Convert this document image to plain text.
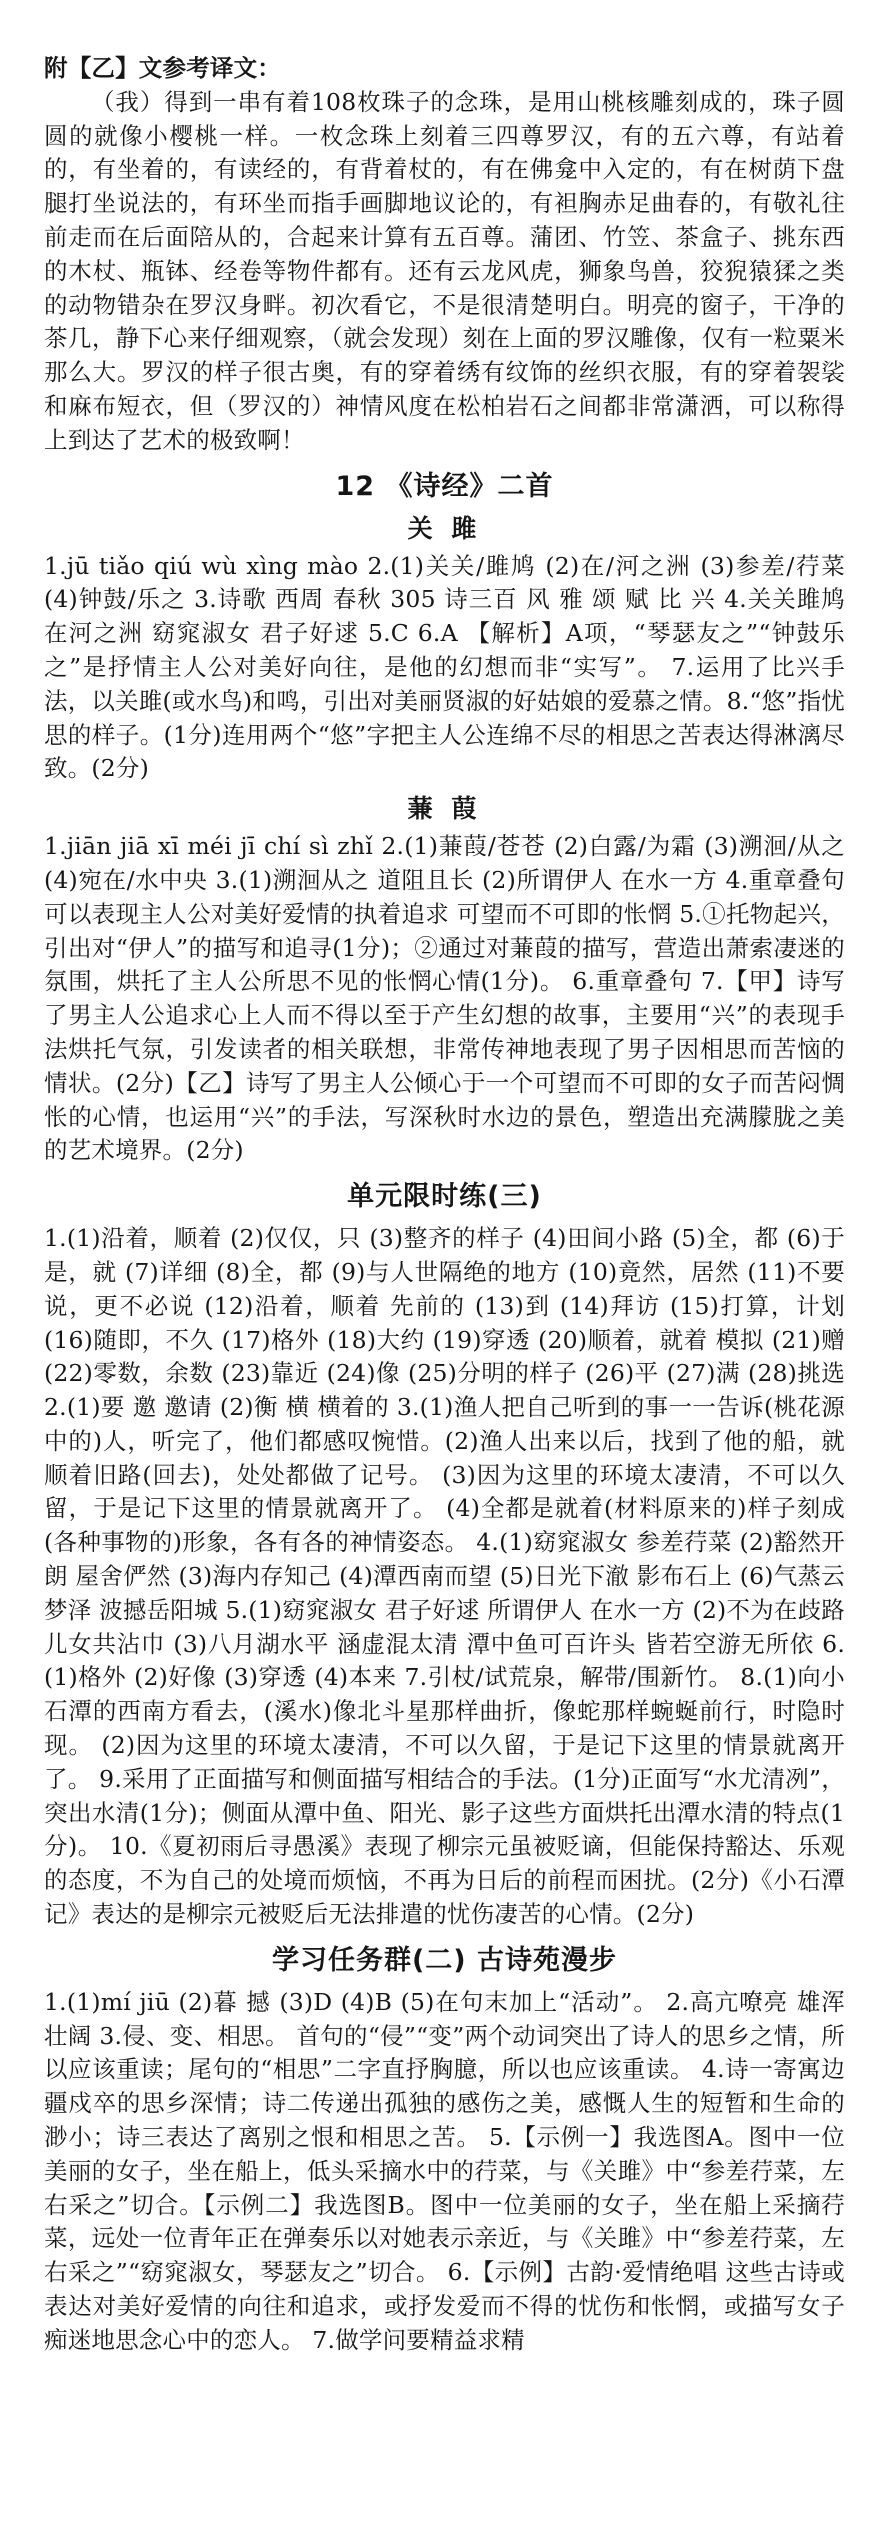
附【乙】文参考译文：

（我）得到一串有着108枚珠子的念珠，是用山桃核雕刻成的，珠子圆圆的就像小樱桃一样。一枚念珠上刻着三四尊罗汉，有的五六尊，有站着的，有坐着的，有读经的，有背着杖的，有在佛龛中入定的，有在树荫下盘腿打坐说法的，有环坐而指手画脚地议论的，有袒胸赤足曲春的，有敬礼往前走而在后面陪从的，合起来计算有五百尊。蒲团、竹笠、茶盒子、挑东西的木杖、瓶钵、经卷等物件都有。还有云龙风虎，狮象鸟兽，狡猊猿猱之类的动物错杂在罗汉身畔。初次看它，不是很清楚明白。明亮的窗子，干净的茶几，静下心来仔细观察，（就会发现）刻在上面的罗汉雕像，仅有一粒粟米那么大。罗汉的样子很古奥，有的穿着绣有纹饰的丝织衣服，有的穿着袈裟和麻布短衣，但（罗汉的）神情风度在松柏岩石之间都非常潇洒，可以称得上到达了艺术的极致啊！

12 《诗经》二首
关 雎

1.jū tiǎo qiú wù xìng mào 2.(1)关关/雎鸠 (2)在/河之洲 (3)参差/荇菜 (4)钟鼓/乐之 3.诗歌 西周 春秋 305 诗三百 风 雅 颂 赋 比 兴 4.关关雎鸠 在河之洲 窈窕淑女 君子好逑 5.C 6.A 【解析】A项，“琴瑟友之”“钟鼓乐之”是抒情主人公对美好向往，是他的幻想而非“实写”。 7.运用了比兴手法，以关雎(或水鸟)和鸣，引出对美丽贤淑的好姑娘的爱慕之情。8.“悠”指忧思的样子。(1分)连用两个“悠”字把主人公连绵不尽的相思之苦表达得淋漓尽致。(2分)

蒹 葭

1.jiān jiā xī méi jī chí sì zhǐ 2.(1)蒹葭/苍苍 (2)白露/为霜 (3)溯洄/从之 (4)宛在/水中央 3.(1)溯洄从之 道阻且长 (2)所谓伊人 在水一方 4.重章叠句 可以表现主人公对美好爱情的执着追求 可望而不可即的怅惘 5.①托物起兴，引出对“伊人”的描写和追寻(1分)；②通过对蒹葭的描写，营造出萧索凄迷的氛围，烘托了主人公所思不见的怅惘心情(1分)。 6.重章叠句 7.【甲】诗写了男主人公追求心上人而不得以至于产生幻想的故事，主要用“兴”的表现手法烘托气氛，引发读者的相关联想，非常传神地表现了男子因相思而苦恼的情状。(2分)【乙】诗写了男主人公倾心于一个可望而不可即的女子而苦闷惆怅的心情，也运用“兴”的手法，写深秋时水边的景色，塑造出充满朦胧之美的艺术境界。(2分)

单元限时练(三)

1.(1)沿着，顺着 (2)仅仅，只 (3)整齐的样子 (4)田间小路 (5)全，都 (6)于是，就 (7)详细 (8)全，都 (9)与人世隔绝的地方 (10)竟然，居然 (11)不要说，更不必说 (12)沿着，顺着 先前的 (13)到 (14)拜访 (15)打算，计划 (16)随即，不久 (17)格外 (18)大约 (19)穿透 (20)顺着，就着 模拟 (21)赠 (22)零数，余数 (23)靠近 (24)像 (25)分明的样子 (26)平 (27)满 (28)挑选 2.(1)要 邀 邀请 (2)衡 横 横着的 3.(1)渔人把自己听到的事一一告诉(桃花源中的)人，听完了，他们都感叹惋惜。(2)渔人出来以后，找到了他的船，就顺着旧路(回去)，处处都做了记号。 (3)因为这里的环境太凄清，不可以久留，于是记下这里的情景就离开了。 (4)全都是就着(材料原来的)样子刻成(各种事物的)形象，各有各的神情姿态。 4.(1)窈窕淑女 参差荇菜 (2)豁然开朗 屋舍俨然 (3)海内存知己 (4)潭西南而望 (5)日光下澈 影布石上 (6)气蒸云梦泽 波撼岳阳城 5.(1)窈窕淑女 君子好逑 所谓伊人 在水一方 (2)不为在歧路 儿女共沾巾 (3)八月湖水平 涵虚混太清 潭中鱼可百许头 皆若空游无所依 6.(1)格外 (2)好像 (3)穿透 (4)本来 7.引杖/试荒泉，解带/围新竹。 8.(1)向小石潭的西南方看去，(溪水)像北斗星那样曲折，像蛇那样蜿蜒前行，时隐时现。 (2)因为这里的环境太凄清，不可以久留，于是记下这里的情景就离开了。 9.采用了正面描写和侧面描写相结合的手法。(1分)正面写“水尤清冽”，突出水清(1分)；侧面从潭中鱼、阳光、影子这些方面烘托出潭水清的特点(1分)。 10.《夏初雨后寻愚溪》表现了柳宗元虽被贬谪，但能保持豁达、乐观的态度，不为自己的处境而烦恼，不再为日后的前程而困扰。(2分)《小石潭记》表达的是柳宗元被贬后无法排遣的忧伤凄苦的心情。(2分)

学习任务群(二) 古诗苑漫步

1.(1)mí jiū (2)暮 撼 (3)D (4)B (5)在句末加上“活动”。 2.高亢嘹亮 雄浑壮阔 3.侵、变、相思。 首句的“侵”“变”两个动词突出了诗人的思乡之情，所以应该重读；尾句的“相思”二字直抒胸臆，所以也应该重读。 4.诗一寄寓边疆戍卒的思乡深情；诗二传递出孤独的感伤之美，感慨人生的短暂和生命的渺小；诗三表达了离别之恨和相思之苦。 5.【示例一】我选图A。图中一位美丽的女子，坐在船上，低头采摘水中的荇菜，与《关雎》中“参差荇菜，左右采之”切合。【示例二】我选图B。图中一位美丽的女子，坐在船上采摘荇菜，远处一位青年正在弹奏乐以对她表示亲近，与《关雎》中“参差荇菜，左右采之”“窈窕淑女，琴瑟友之”切合。 6.【示例】古韵·爱情绝唱 这些古诗或表达对美好爱情的向往和追求，或抒发爱而不得的忧伤和怅惘，或描写女子痴迷地思念心中的恋人。 7.做学问要精益求精
